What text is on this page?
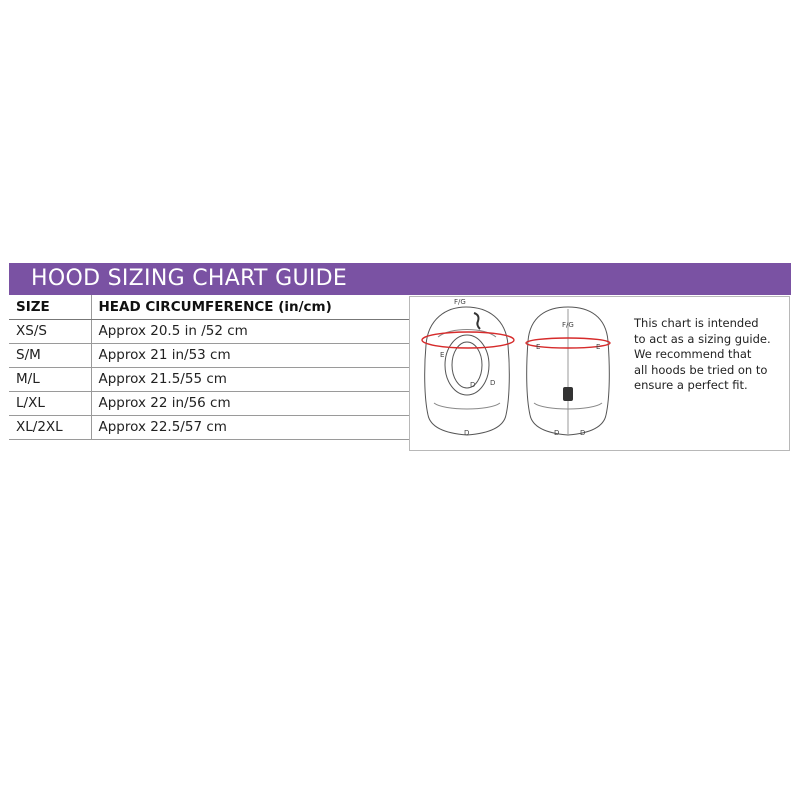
HOOD SIZING CHART GUIDE
SIZE	HEAD CIRCUMFERENCE (in/cm)
XS/S	Approx 20.5 in /52 cm
S/M	Approx 21 in/53 cm
M/L	Approx 21.5/55 cm
L/XL	Approx 22 in/56 cm
XL/2XL	Approx 22.5/57 cm
F/G
F/G
E
E	E
D D
D	D	D
This chart is intended
to act as a sizing guide.
We recommend that
all hoods be tried on to
ensure a perfect fit.
